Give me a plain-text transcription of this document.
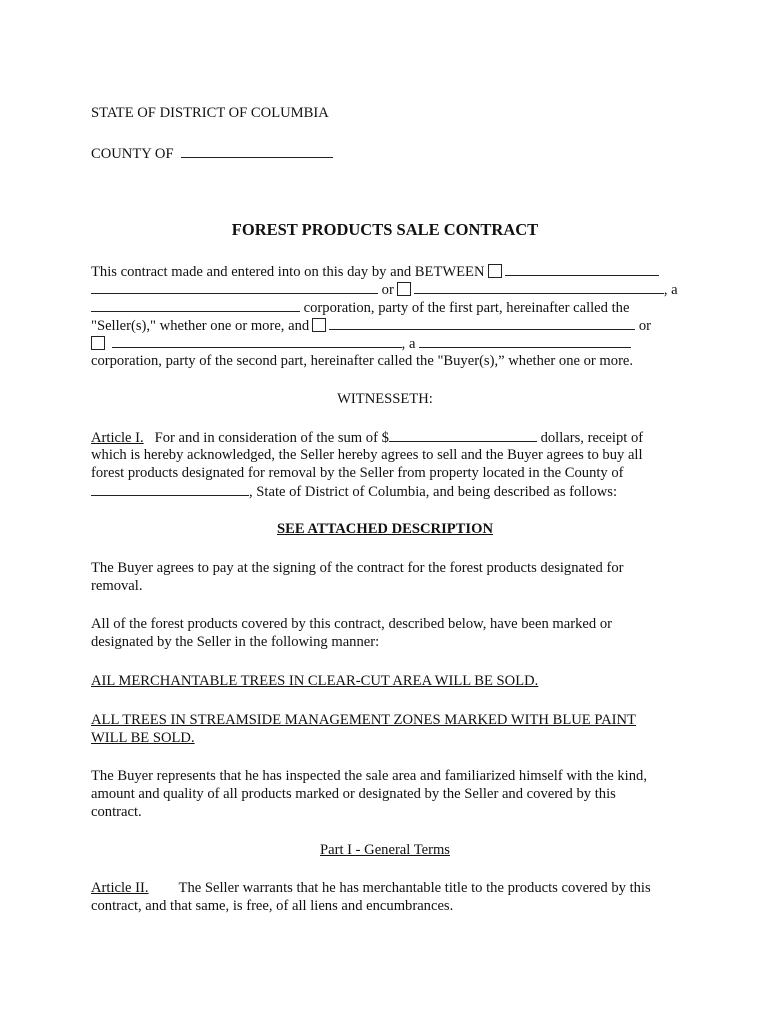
STATE OF DISTRICT OF COLUMBIA
COUNTY OF
FOREST PRODUCTS SALE CONTRACT
This contract made and entered into on this day by and BETWEEN
or	, a
corporation, party of the first part, hereinafter called the
"Seller(s)," whether one or more, and	or
, a
corporation, party of the second part, hereinafter called the "Buyer(s),” whether one or more.
WITNESSETH:
Article I. For and in consideration of the sum of $	dollars, receipt of
which is hereby acknowledged, the Seller hereby agrees to sell and the Buyer agrees to buy all
forest products designated for removal by the Seller from property located in the County of
, State of District of Columbia, and being described as follows:
SEE ATTACHED DESCRIPTION
The Buyer agrees to pay at the signing of the contract for the forest products designated for
removal.
All of the forest products covered by this contract, described below, have been marked or
designated by the Seller in the following manner:
AIL MERCHANTABLE TREES IN CLEAR-CUT AREA WILL BE SOLD.
ALL TREES IN STREAMSIDE MANAGEMENT ZONES MARKED WITH BLUE PAINT
WILL BE SOLD.
The Buyer represents that he has inspected the sale area and familiarized himself with the kind,
amount and quality of all products marked or designated by the Seller and covered by this
contract.
Part I - General Terms
Article II. The Seller warrants that he has merchantable title to the products covered by this
contract, and that same, is free, of all liens and encumbrances.
